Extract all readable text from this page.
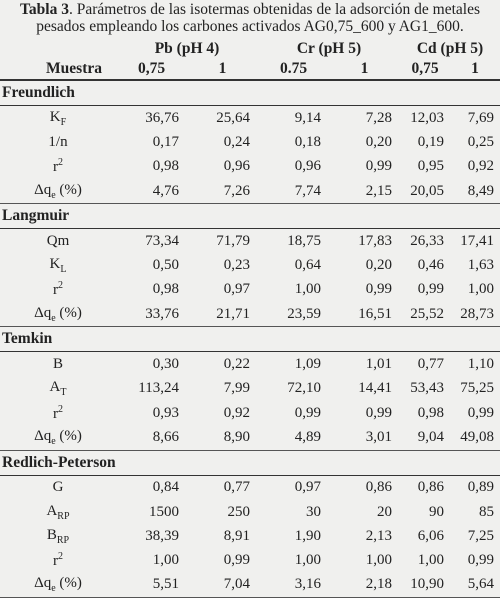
Tabla 3. Parámetros de las isotermas obtenidas de la adsorción de metales pesados empleando los carbones activados AG0,75_600 y AG1_600.
	Pb (pH 4)		Cr (pH 5)		Cd (pH 5)	
Muestra	0,75	1	0.75	1	0,75	1
Freundlich						
$K_F$	36,76	25,64	9,14	7,28	12,03	7,69
1/n	0,17	0,24	0,18	0,20	0,19	0,25
$r^2$	0,98	0,96	0,96	0,99	0,95	0,92
$\Delta q_e$ (%)	4,76	7,26	7,74	2,15	20,05	8,49
Langmuir						
Qm	73,34	71,79	18,75	17,83	26,33	17,41
$K_L$	0,50	0,23	0,64	0,20	0,46	1,63
$r^2$	0,98	0,97	1,00	0,99	0,99	1,00
$\Delta q_e$ (%)	33,76	21,71	23,59	16,51	25,52	28,73
Temkin						
B	0,30	0,22	1,09	1,01	0,77	1,10
$A_T$	113,24	7,99	72,10	14,41	53,43	75,25
$r^2$	0,93	0,92	0,99	0,99	0,98	0,99
$\Delta q_e$ (%)	8,66	8,90	4,89	3,01	9,04	49,08
Redlich-Peterson						
G	0,84	0,77	0,97	0,86	0,86	0,89
$A_{RP}$	1500	250	30	20	90	85
$B_{RP}$	38,39	8,91	1,90	2,13	6,06	7,25
$r^2$	1,00	0,99	1,00	1,00	1,00	0,99
$\Delta q_e$ (%)	5,51	7,04	3,16	2,18	10,90	5,64
